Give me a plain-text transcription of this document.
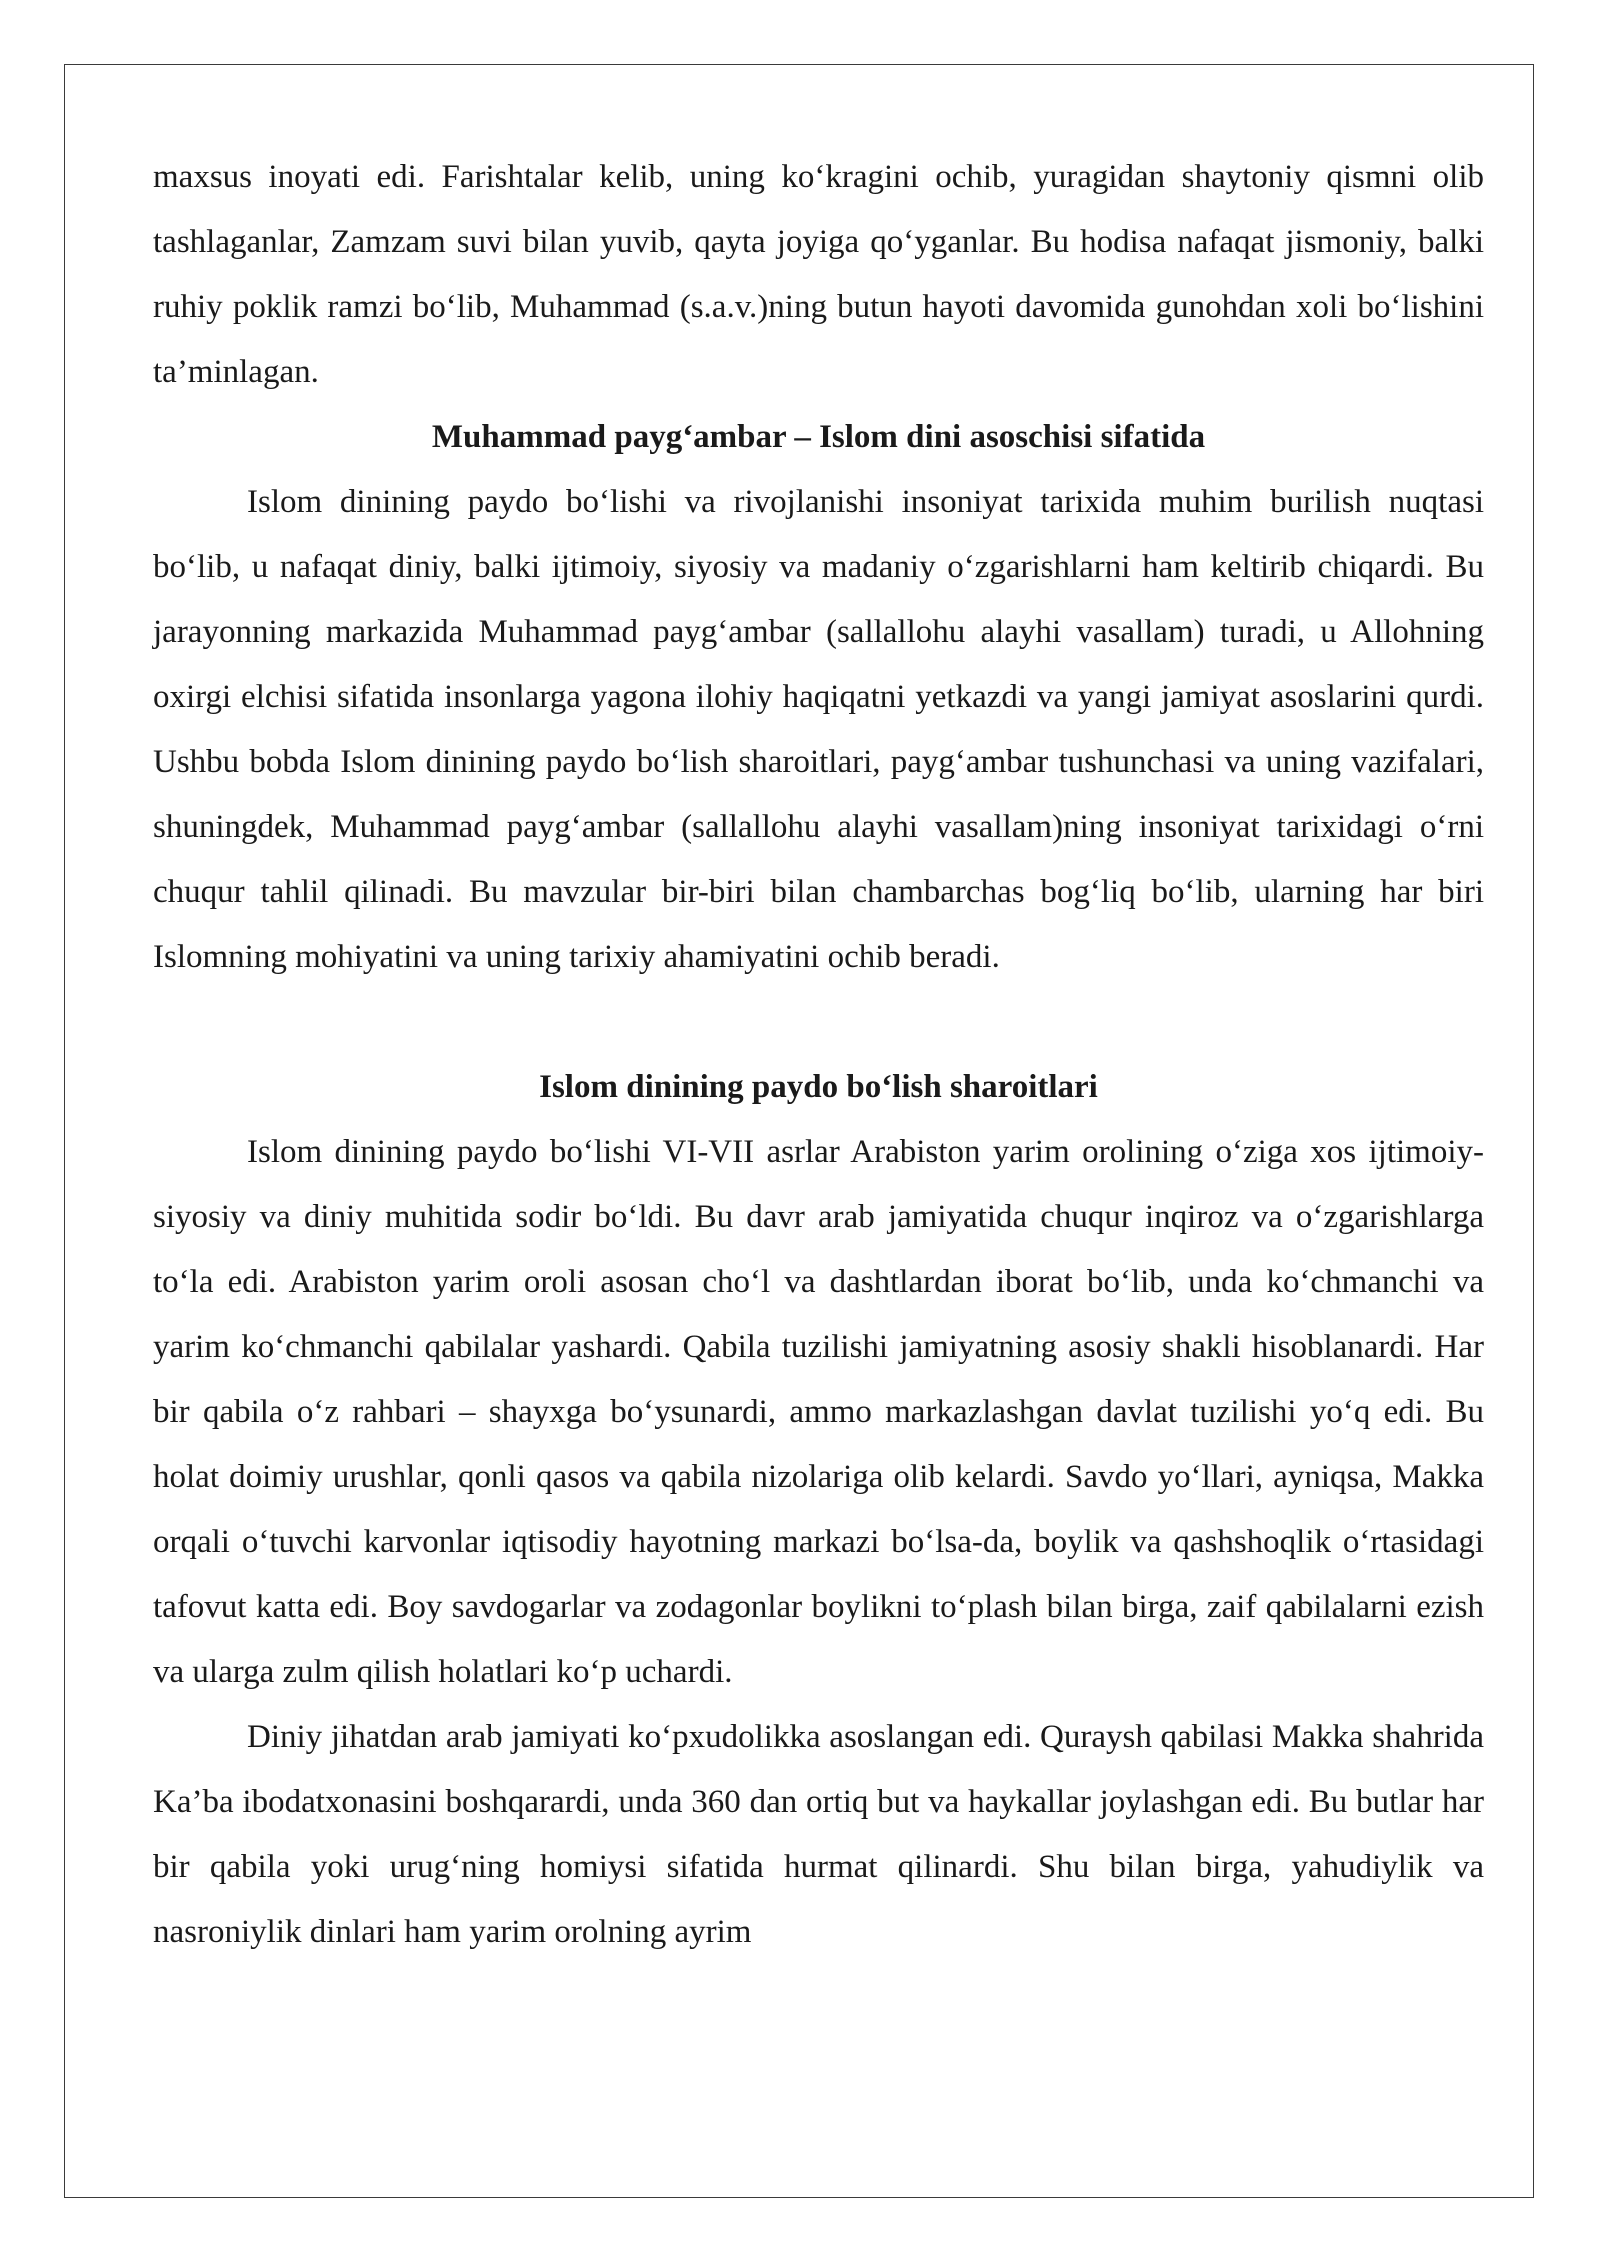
maxsus inoyati edi. Farishtalar kelib, uning ko‘kragini ochib, yuragidan shaytoniy qismni olib tashlaganlar, Zamzam suvi bilan yuvib, qayta joyiga qo‘yganlar. Bu hodisa nafaqat jismoniy, balki ruhiy poklik ramzi bo‘lib, Muhammad (s.a.v.)ning butun hayoti davomida gunohdan xoli bo‘lishini ta’minlagan.

Muhammad payg‘ambar – Islom dini asoschisi sifatida

Islom dinining paydo bo‘lishi va rivojlanishi insoniyat tarixida muhim burilish nuqtasi bo‘lib, u nafaqat diniy, balki ijtimoiy, siyosiy va madaniy o‘zgarishlarni ham keltirib chiqardi. Bu jarayonning markazida Muhammad payg‘ambar (sallallohu alayhi vasallam) turadi, u Allohning oxirgi elchisi sifatida insonlarga yagona ilohiy haqiqatni yetkazdi va yangi jamiyat asoslarini qurdi. Ushbu bobda Islom dinining paydo bo‘lish sharoitlari, payg‘ambar tushunchasi va uning vazifalari, shuningdek, Muhammad payg‘ambar (sallallohu alayhi vasallam)ning insoniyat tarixidagi o‘rni chuqur tahlil qilinadi. Bu mavzular bir-biri bilan chambarchas bog‘liq bo‘lib, ularning har biri Islomning mohiyatini va uning tarixiy ahamiyatini ochib beradi.

Islom dinining paydo bo‘lish sharoitlari

Islom dinining paydo bo‘lishi VI-VII asrlar Arabiston yarim orolining o‘ziga xos ijtimoiy-siyosiy va diniy muhitida sodir bo‘ldi. Bu davr arab jamiyatida chuqur inqiroz va o‘zgarishlarga to‘la edi. Arabiston yarim oroli asosan cho‘l va dashtlardan iborat bo‘lib, unda ko‘chmanchi va yarim ko‘chmanchi qabilalar yashardi. Qabila tuzilishi jamiyatning asosiy shakli hisoblanardi. Har bir qabila o‘z rahbari – shayxga bo‘ysunardi, ammo markazlashgan davlat tuzilishi yo‘q edi. Bu holat doimiy urushlar, qonli qasos va qabila nizolariga olib kelardi. Savdo yo‘llari, ayniqsa, Makka orqali o‘tuvchi karvonlar iqtisodiy hayotning markazi bo‘lsa-da, boylik va qashshoqlik o‘rtasidagi tafovut katta edi. Boy savdogarlar va zodagonlar boylikni to‘plash bilan birga, zaif qabilalarni ezish va ularga zulm qilish holatlari ko‘p uchardi.

Diniy jihatdan arab jamiyati ko‘pxudolikka asoslangan edi. Quraysh qabilasi Makka shahrida Ka’ba ibodatxonasini boshqarardi, unda 360 dan ortiq but va haykallar joylashgan edi. Bu butlar har bir qabila yoki urug‘ning homiysi sifatida hurmat qilinardi. Shu bilan birga, yahudiylik va nasroniylik dinlari ham yarim orolning ayrim
